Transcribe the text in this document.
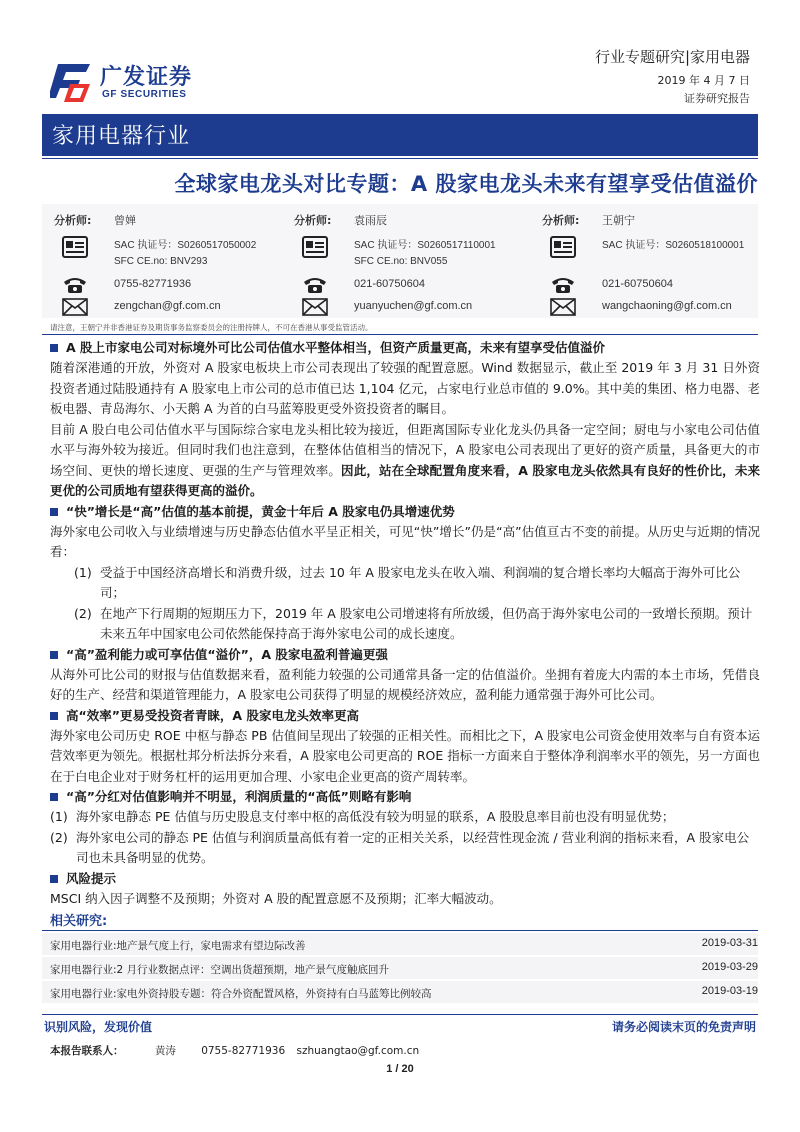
广发证券
GF SECURITIES
行业专题研究|家用电器
2019 年 4 月 7 日
证券研究报告
家用电器行业
全球家电龙头对比专题：A 股家电龙头未来有望享受估值溢价
分析师: 曾婵
SAC 执证号：S0260517050002
SFC CE.no: BNV293
0755-82771936
zengchan@gf.com.cn
分析师: 袁雨辰
SAC 执证号：S0260517110001
SFC CE.no: BNV055
021-60750604
yuanyuchen@gf.com.cn
分析师: 王朝宁
SAC 执证号：S0260518100001
021-60750604
wangchaoning@gf.com.cn
请注意，王朝宁并非香港证券及期货事务监察委员会的注册持牌人，不可在香港从事受监管活动。
A 股上市家电公司对标境外可比公司估值水平整体相当，但资产质量更高，未来有望享受估值溢价
随着深港通的开放，外资对 A 股家电板块上市公司表现出了较强的配置意愿。Wind 数据显示，截止至 2019 年 3 月 31 日外资投资者通过陆股通持有 A 股家电上市公司的总市值已达 1,104 亿元，占家电行业总市值的 9.0%。其中美的集团、格力电器、老板电器、青岛海尔、小天鹅 A 为首的白马蓝筹股更受外资投资者的瞩目。
目前 A 股白电公司估值水平与国际综合家电龙头相比较为接近，但距离国际专业化龙头仍具备一定空间；厨电与小家电公司估值水平与海外较为接近。但同时我们也注意到，在整体估值相当的情况下，A 股家电公司表现出了更好的资产质量，具备更大的市场空间、更快的增长速度、更强的生产与管理效率。因此，站在全球配置角度来看，A 股家电龙头依然具有良好的性价比，未来更优的公司质地有望获得更高的溢价。
“快”增长是“高”估值的基本前提，黄金十年后 A 股家电仍具增速优势
海外家电公司收入与业绩增速与历史静态估值水平呈正相关，可见“快”增长”仍是“高”估值亘古不变的前提。从历史与近期的情况看：
(1) 受益于中国经济高增长和消费升级，过去 10 年 A 股家电龙头在收入端、利润端的复合增长率均大幅高于海外可比公司；
(2) 在地产下行周期的短期压力下，2019 年 A 股家电公司增速将有所放缓，但仍高于海外家电公司的一致增长预期。预计未来五年中国家电公司依然能保持高于海外家电公司的成长速度。
“高”盈利能力或可享估值“溢价”，A 股家电盈利普遍更强
从海外可比公司的财报与估值数据来看，盈利能力较强的公司通常具备一定的估值溢价。坐拥有着庞大内需的本土市场，凭借良好的生产、经营和渠道管理能力，A 股家电公司获得了明显的规模经济效应，盈利能力通常强于海外可比公司。
高“效率”更易受投资者青睐，A 股家电龙头效率更高
海外家电公司历史 ROE 中枢与静态 PB 估值间呈现出了较强的正相关性。而相比之下，A 股家电公司资金使用效率与自有资本运营效率更为领先。根据杜邦分析法拆分来看，A 股家电公司更高的 ROE 指标一方面来自于整体净利润率水平的领先，另一方面也在于白电企业对于财务杠杆的运用更加合理、小家电企业更高的资产周转率。
“高”分红对估值影响并不明显，利润质量的“高低”则略有影响
(1) 海外家电静态 PE 估值与历史股息支付率中枢的高低没有较为明显的联系，A 股股息率目前也没有明显优势；
(2) 海外家电公司的静态 PE 估值与利润质量高低有着一定的正相关关系，以经营性现金流 / 营业利润的指标来看，A 股家电公司也未具备明显的优势。
风险提示
MSCI 纳入因子调整不及预期；外资对 A 股的配置意愿不及预期；汇率大幅波动。
相关研究:
家用电器行业:地产景气度上行，家电需求有望边际改善	2019-03-31
家用电器行业:2 月行业数据点评：空调出货超预期，地产景气度触底回升	2019-03-29
家用电器行业:家电外资持股专题：符合外资配置风格，外资持有白马蓝筹比例较高	2019-03-19
识别风险，发现价值	请务必阅读末页的免责声明
本报告联系人：	黄涛 0755-82771936 szhuangtao@gf.com.cn
1 / 20
